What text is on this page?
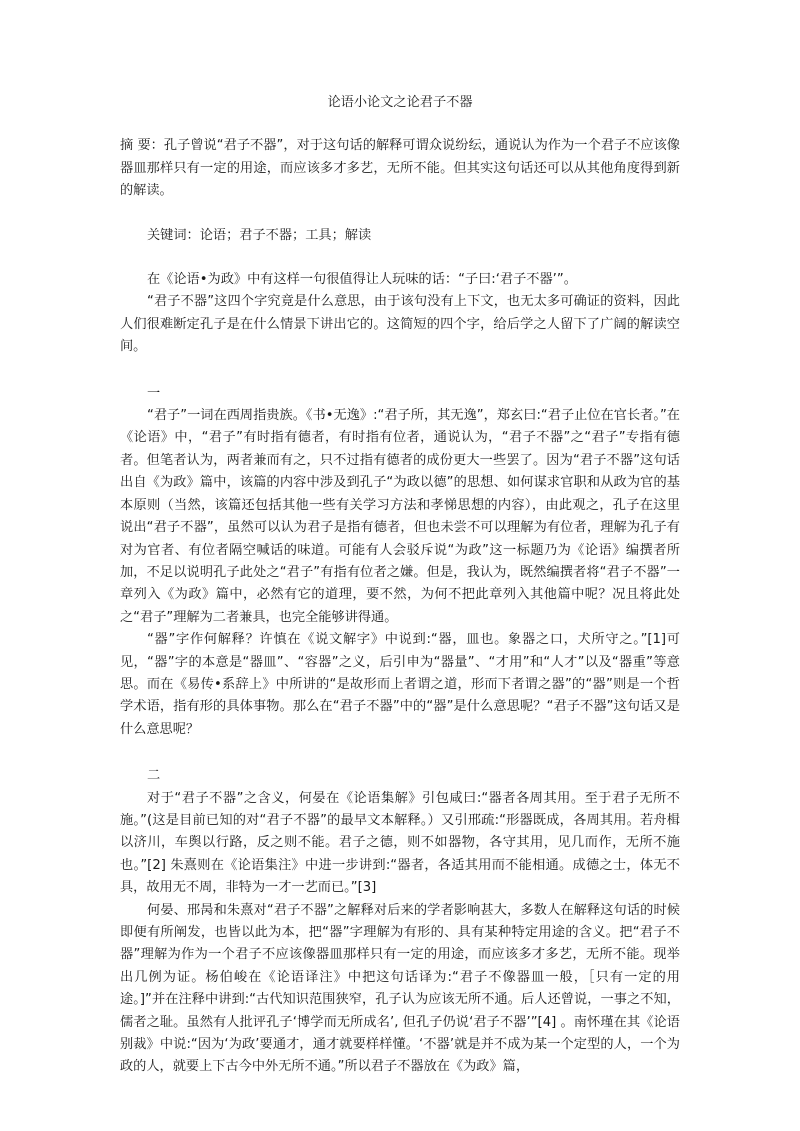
论语小论文之论君子不器

摘 要：孔子曾说“君子不器”，对于这句话的解释可谓众说纷纭，通说认为作为一个君子不应该像器皿那样只有一定的用途，而应该多才多艺，无所不能。但其实这句话还可以从其他角度得到新的解读。

关键词：论语；君子不器；工具；解读

在《论语•为政》中有这样一句很值得让人玩味的话：“子曰:‘君子不器’”。

“君子不器”这四个字究竟是什么意思，由于该句没有上下文，也无太多可确证的资料，因此人们很难断定孔子是在什么情景下讲出它的。这简短的四个字，给后学之人留下了广阔的解读空间。

一

“君子”一词在西周指贵族。《书•无逸》:“君子所，其无逸”，郑玄曰:“君子止位在官长者。”在《论语》中，“君子”有时指有德者，有时指有位者，通说认为，“君子不器”之“君子”专指有德者。但笔者认为，两者兼而有之，只不过指有德者的成份更大一些罢了。因为“君子不器”这句话出自《为政》篇中，该篇的内容中涉及到孔子“为政以德”的思想、如何谋求官职和从政为官的基本原则（当然，该篇还包括其他一些有关学习方法和孝悌思想的内容），由此观之，孔子在这里说出“君子不器”，虽然可以认为君子是指有德者，但也未尝不可以理解为有位者，理解为孔子有对为官者、有位者隔空喊话的味道。可能有人会驳斥说“为政”这一标题乃为《论语》编撰者所加，不足以说明孔子此处之“君子”有指有位者之嫌。但是，我认为，既然编撰者将“君子不器”一章列入《为政》篇中，必然有它的道理，要不然，为何不把此章列入其他篇中呢？况且将此处之“君子”理解为二者兼具，也完全能够讲得通。

“器”字作何解释？许慎在《说文解字》中说到:“器，皿也。象器之口，犬所守之。”[1]可见，“器”字的本意是“器皿”、“容器”之义，后引申为“器量”、“才用”和“人才”以及“器重”等意思。而在《易传•系辞上》中所讲的“是故形而上者谓之道，形而下者谓之器”的“器”则是一个哲学术语，指有形的具体事物。那么在“君子不器”中的“器”是什么意思呢？“君子不器”这句话又是什么意思呢？

二

对于“君子不器”之含义，何晏在《论语集解》引包咸曰:“器者各周其用。至于君子无所不施。”(这是目前已知的对“君子不器”的最早文本解释。）又引邢疏:“形器既成，各周其用。若舟楫以济川，车舆以行路，反之则不能。君子之德，则不如器物，各守其用，见几而作，无所不施也。”[2] 朱熹则在《论语集注》中进一步讲到:“器者，各适其用而不能相通。成德之士，体无不具，故用无不周，非特为一才一艺而已。”[3]

何晏、邢昺和朱熹对“君子不器”之解释对后来的学者影响甚大，多数人在解释这句话的时候即便有所阐发，也皆以此为本，把“器”字理解为有形的、具有某种特定用途的含义。把“君子不器”理解为作为一个君子不应该像器皿那样只有一定的用途，而应该多才多艺，无所不能。现举出几例为证。杨伯峻在《论语译注》中把这句话译为:“君子不像器皿一般，［只有一定的用途。]”并在注释中讲到:“古代知识范围狭窄，孔子认为应该无所不通。后人还曾说，一事之不知，儒者之耻。虽然有人批评孔子‘博学而无所成名’, 但孔子仍说‘君子不器’”[4] 。南怀瑾在其《论语别裁》中说:“因为‘为政’要通才，通才就要样样懂。‘不器’就是并不成为某一个定型的人，一个为政的人，就要上下古今中外无所不通。”所以君子不器放在《为政》篇，
